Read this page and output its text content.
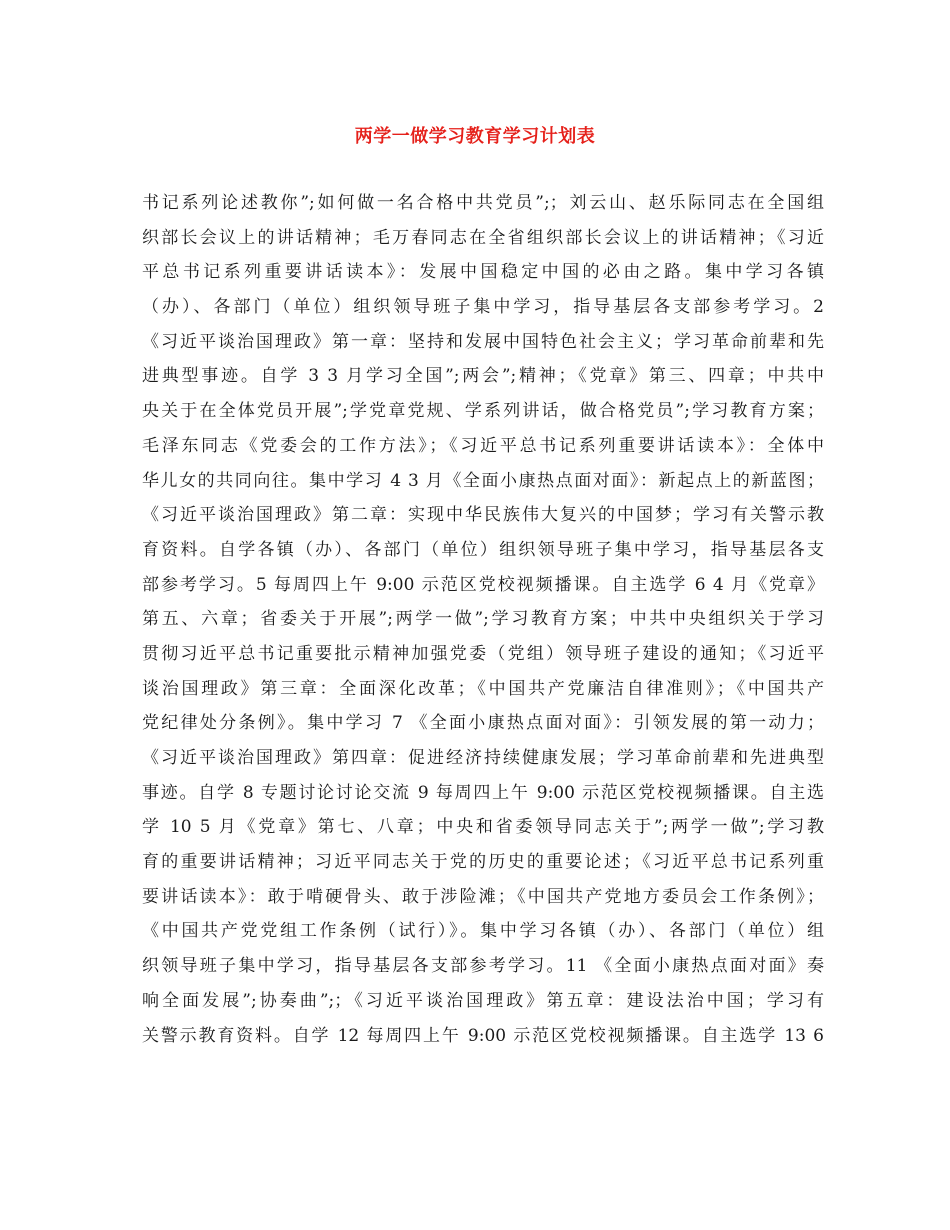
两学一做学习教育学习计划表
书记系列论述教你”;如何做一名合格中共党员”;；刘云山、赵乐际同志在全国组
织部长会议上的讲话精神；毛万春同志在全省组织部长会议上的讲话精神；《习近
平总书记系列重要讲话读本》：发展中国稳定中国的必由之路。集中学习各镇
（办）、各部门（单位）组织领导班子集中学习，指导基层各支部参考学习。2
《习近平谈治国理政》第一章：坚持和发展中国特色社会主义；学习革命前辈和先
进典型事迹。自学 3 3 月学习全国”;两会”;精神；《党章》第三、四章；中共中
央关于在全体党员开展”;学党章党规、学系列讲话，做合格党员”;学习教育方案；
毛泽东同志《党委会的工作方法》；《习近平总书记系列重要讲话读本》：全体中
华儿女的共同向往。集中学习 4 3 月《全面小康热点面对面》：新起点上的新蓝图；
《习近平谈治国理政》第二章：实现中华民族伟大复兴的中国梦；学习有关警示教
育资料。自学各镇（办）、各部门（单位）组织领导班子集中学习，指导基层各支
部参考学习。5 每周四上午 9:00 示范区党校视频播课。自主选学 6 4 月《党章》
第五、六章；省委关于开展”;两学一做”;学习教育方案；中共中央组织关于学习
贯彻习近平总书记重要批示精神加强党委（党组）领导班子建设的通知；《习近平
谈治国理政》第三章：全面深化改革；《中国共产党廉洁自律准则》；《中国共产
党纪律处分条例》。集中学习 7 《全面小康热点面对面》：引领发展的第一动力；
《习近平谈治国理政》第四章：促进经济持续健康发展；学习革命前辈和先进典型
事迹。自学 8 专题讨论讨论交流 9 每周四上午 9:00 示范区党校视频播课。自主选
学 10 5 月《党章》第七、八章；中央和省委领导同志关于”;两学一做”;学习教
育的重要讲话精神；习近平同志关于党的历史的重要论述；《习近平总书记系列重
要讲话读本》：敢于啃硬骨头、敢于涉险滩；《中国共产党地方委员会工作条例》；
《中国共产党党组工作条例（试行）》。集中学习各镇（办）、各部门（单位）组
织领导班子集中学习，指导基层各支部参考学习。11 《全面小康热点面对面》奏
响全面发展”;协奏曲”;；《习近平谈治国理政》第五章：建设法治中国；学习有
关警示教育资料。自学 12 每周四上午 9:00 示范区党校视频播课。自主选学 13 6
